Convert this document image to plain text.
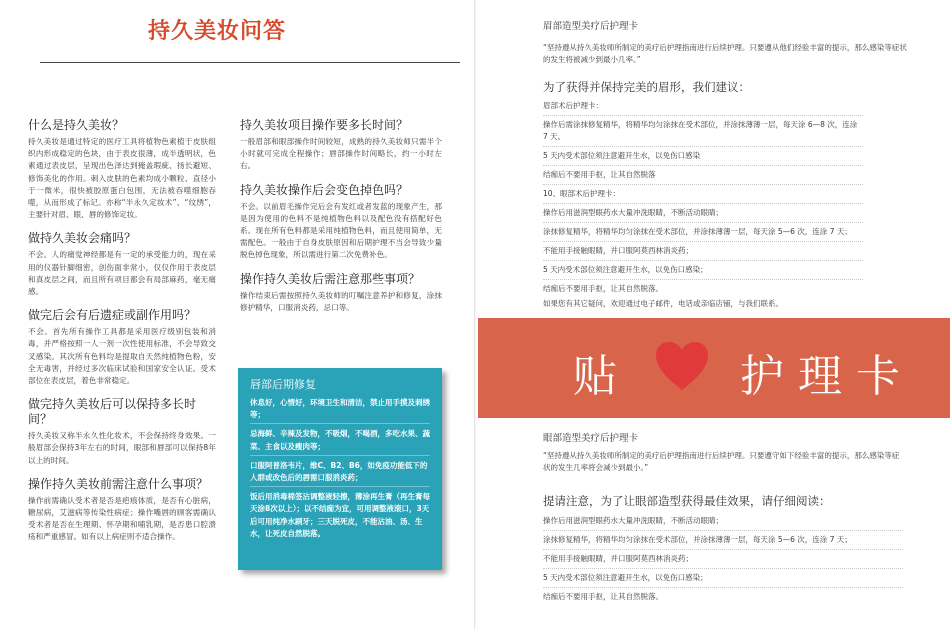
持久美妆问答
什么是持久美妆？

持久美妆是通过特定的医疗工具将植物色素植于皮肤组织内形成稳定的色块，由于表皮很薄，成半透明状，色素通过表皮层，呈现出色泽达到掩盖瑕疵、扬长避短、修饰美化的作用。刺入皮肤的色素均成小颗粒、直径小于一微米，很快被胶原蛋白包围，无法被吞噬细胞吞噬，从而形成了标记。亦称“半永久定妆术”、“纹绣”，主要针对眉、眼、唇的修饰定妆。

做持久美妆会痛吗？

不会。人的痛觉神经都是有一定的承受能力的，现在采用的仪器针脚细密，创伤面非常小，仅仅作用于表皮层和真皮层之间，而且所有项目都会有局部麻药，毫无痛感。

做完后会有后遗症或副作用吗？

不会。首先所有操作工具都是采用医疗级别包装和消毒，并严格按照一人一剂一次性使用标准，不会导致交叉感染。其次所有色料均是提取自天然纯植物色粉，安全无毒害，并经过多次临床试验和国家安全认证。受术部位在表皮层，着色非常稳定。

做完持久美妆后可以保持多长时间？

持久美妆又称半永久性化妆术，不会保持终身效果。一般眉部会保持3年左右的时间，眼部和唇部可以保持8年以上的时间。

操作持久美妆前需注意什么事项？

操作前需确认受术者是否是疤痕体质，是否有心脏病，糖尿病，艾滋病等传染性病症；操作嘴唇的顾客需确认受术者是否在生理期、怀孕期和哺乳期，是否患口腔溃疡和严重感冒。如有以上病症则不适合操作。

持久美妆项目操作要多长时间？

一般眉部和眼部操作时间较短，成熟的持久美妆师只需半个小时就可完成全程操作；唇部操作时间略长，约一小时左右。

持久美妆操作后会变色掉色吗？

不会。以前眉毛操作完后会有发红或者发蓝的现象产生，那是因为使用的色料不是纯植物色料以及配色没有搭配好色系。现在所有色料都是采用纯植物色料，而且使用简单，无需配色。一般由于自身皮肤原因和后期护理不当会导致少量脱色掉色现象，所以需进行第二次免费补色。

操作持久美妆后需注意那些事项？

操作结束后需按照持久美妆师的叮嘱注意养护和修复，涂抹修护精华，口服消炎药，忌口等。

唇部后期修复
休息好，心情好，环境卫生和清洁，禁止用手摸及刺绣等；
忌海鲜、辛辣及发物，不吸烟，不喝酒，多吃水果、蔬菜、主食以及瘦肉等；
口服阿普洛韦片，维C、B2、B6，如免疫功能低下的人群或改色后的唇需口服消炎药；
饭后用消毒棉签沾调整液轻擦，薄涂再生膏（再生膏每天涂8次以上）；以不结痂为宜，可用调整液滚口，3天后可用纯净水刷牙；三天脱死皮，不能沾油、汤、生水，让死皮自然脱落。
眉部造型美疗后护理卡
“坚持遵从持久美妆师所制定的美疗后护理指南进行后续护理。只要遵从他们经验丰富的提示，那么感染等症状的发生将被减少到最小几率。”
为了获得并保持完美的眉形，我们建议：
眉部术后护理卡：
操作后需涂抹修复精华，将精华均匀涂抹在受术部位，并涂抹薄薄一层，每天涂 6—8 次，连涂 7 天。
5 天内受术部位须注意避开生水，以免伤口感染
结痂后不要用手抠，让其自然脱落
10、眼部术后护理卡：
操作后用滋润型眼药水大量冲洗眼睛，不断活动眼睛；
涂抹修复精华，将精华均匀涂抹在受术部位，并涂抹薄薄一层，每天涂 5—6 次，连涂 7 天；
不能用手接触眼睛，并口服阿莫西林消炎药；
5 天内受术部位须注意避开生水，以免伤口感染；
结痂后不要用手抠，让其自然脱落。
如果您有其它疑问，欢迎通过电子邮件，电话或亲临店铺，与我们联系。
贴 护理卡
眼部造型美疗后护理卡
“坚持遵从持久美妆师所制定的美疗后护理指南进行后续护理。只要遵守如下经验丰富的提示，那么感染等症状的发生几率将会减少到最小。”
提请注意，为了让眼部造型获得最佳效果，请仔细阅读：
操作后用滋润型眼药水大量冲洗眼睛，不断活动眼睛；
涂抹修复精华，将精华均匀涂抹在受术部位，并涂抹薄薄一层，每天涂 5—6 次，连涂 7 天；
不能用手接触眼睛，并口服阿莫西林消炎药；
5 天内受术部位须注意避开生水，以免伤口感染；
结痂后不要用手抠，让其自然脱落。
